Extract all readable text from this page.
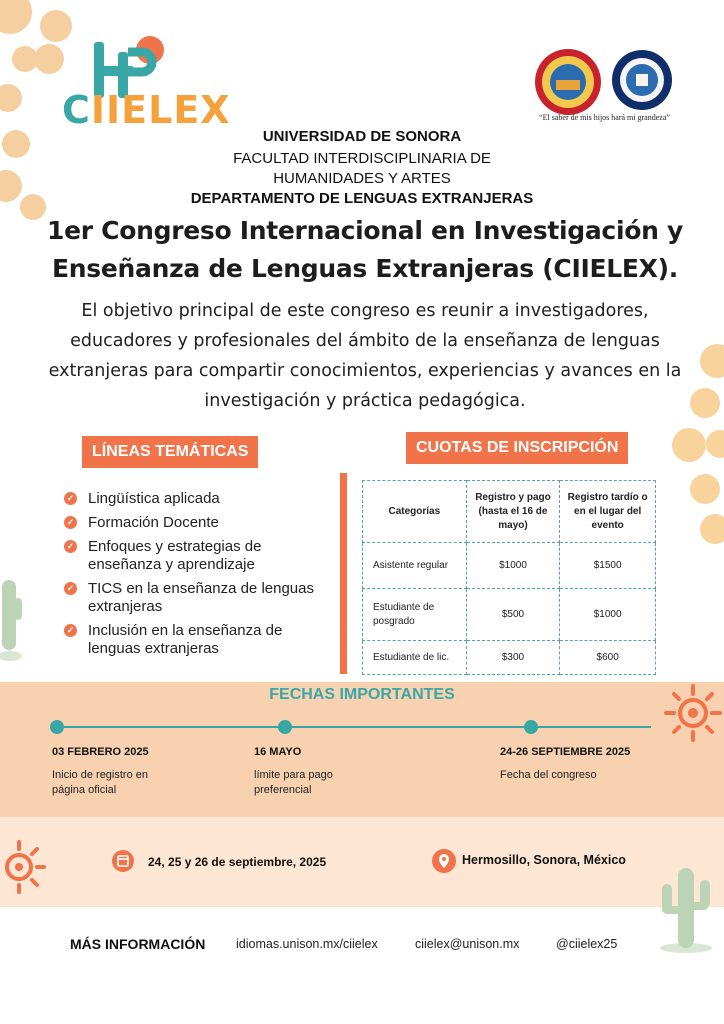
CIIELEX	“El saber de mis hijos hará mi grandeza”
UNIVERSIDAD DE SONORA
FACULTAD INTERDISCIPLINARIA DE
HUMANIDADES Y ARTES
DEPARTAMENTO DE LENGUAS EXTRANJERAS
1er Congreso Internacional en Investigación y Enseñanza de Lenguas Extranjeras (CIIELEX).
El objetivo principal de este congreso es reunir a investigadores, educadores y profesionales del ámbito de la enseñanza de lenguas extranjeras para compartir conocimientos, experiencias y avances en la investigación y práctica pedagógica.
LÍNEAS TEMÁTICAS
✓ Lingüística aplicada
✓ Formación Docente
✓ Enfoques y estrategias de enseñanza y aprendizaje
✓ TICS en la enseñanza de lenguas extranjeras
✓ Inclusión en la enseñanza de lenguas extranjeras
CUOTAS DE INSCRIPCIÓN
Categorías	Registro y pago (hasta el 16 de mayo)	Registro tardío o en el lugar del evento
Asistente regular	$1000	$1500
Estudiante de posgrado	$500	$1000
Estudiante de lic.	$300	$600
FECHAS IMPORTANTES
03 FEBRERO 2025
Inicio de registro en página oficial
16 MAYO
límite para pago preferencial
24-26 SEPTIEMBRE 2025
Fecha del congreso
24, 25 y 26 de septiembre, 2025	Hermosillo, Sonora, México
MÁS INFORMACIÓN idiomas.unison.mx/ciielex	ciielex@unison.mx	@ciielex25
